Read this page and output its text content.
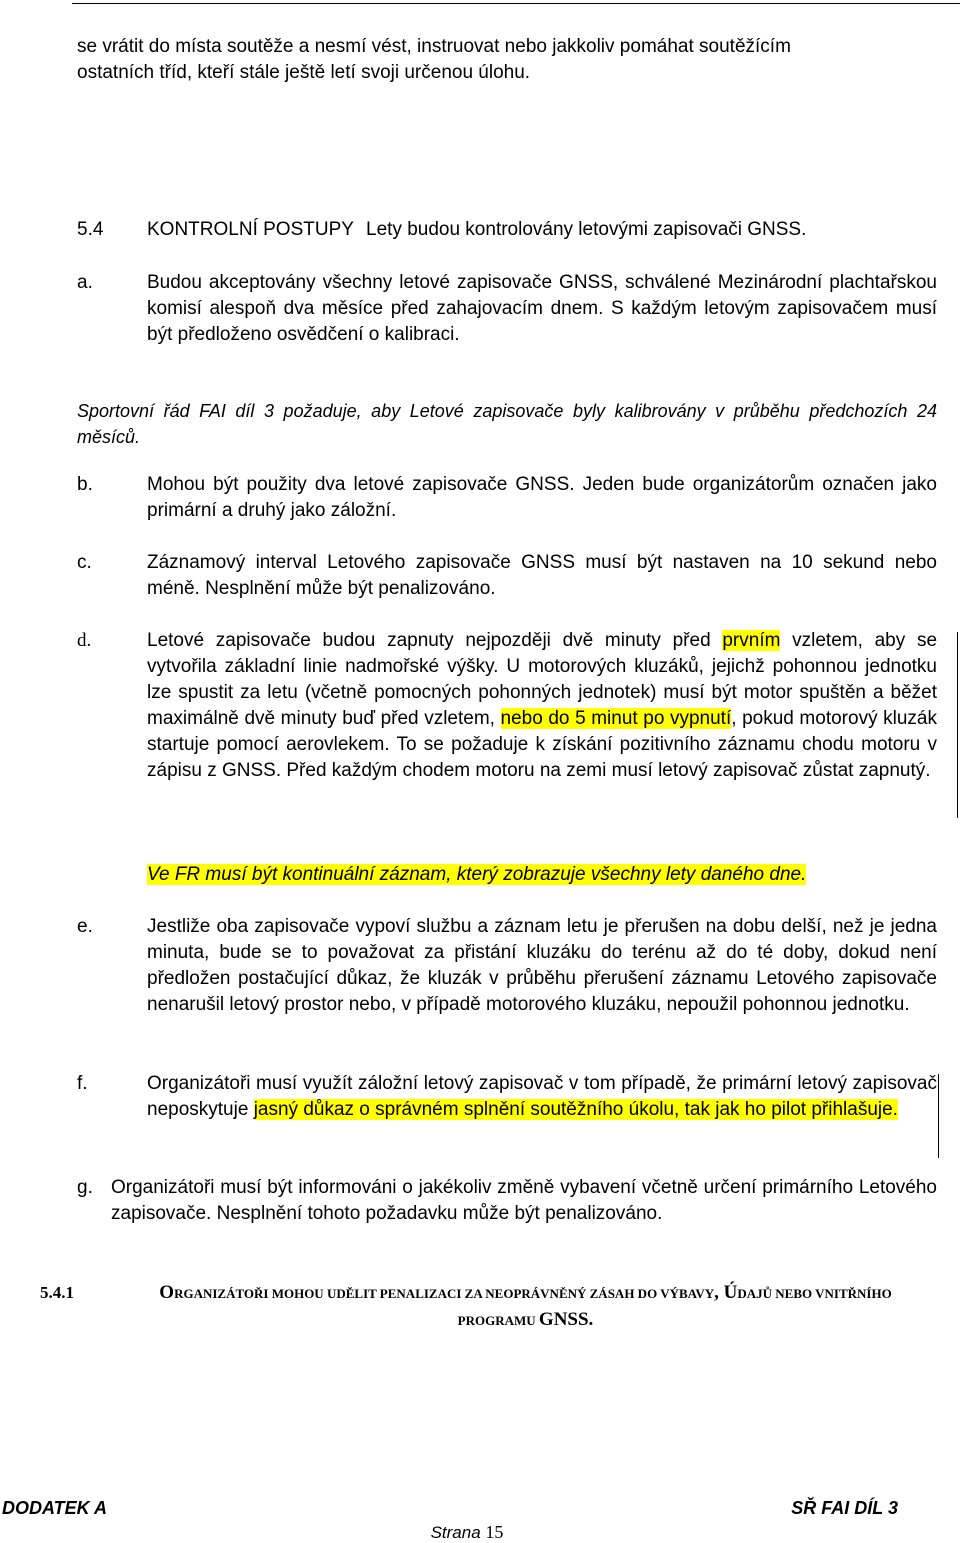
se vrátit do místa soutěže a nesmí vést, instruovat nebo jakkoliv pomáhat soutěžícím
ostatních tříd, kteří stále ještě letí svoji určenou úlohu.
5.4 KONTROLNÍ POSTUPY Lety budou kontrolovány letovými zapisovači GNSS.
a.	Budou akceptovány všechny letové zapisovače GNSS, schválené Mezinárodní plachtařskou komisí alespoň dva měsíce před zahajovacím dnem. S každým letovým zapisovačem musí být předloženo osvědčení o kalibraci.
Sportovní řád FAI díl 3 požaduje, aby Letové zapisovače byly kalibrovány v průběhu předchozích 24 měsíců.
b.	Mohou být použity dva letové zapisovače GNSS. Jeden bude organizátorům označen jako primární a druhý jako záložní.
c.	Záznamový interval Letového zapisovače GNSS musí být nastaven na 10 sekund nebo méně. Nesplnění může být penalizováno.
d.	Letové zapisovače budou zapnuty nejpozději dvě minuty před prvním vzletem, aby se vytvořila základní linie nadmořské výšky. U motorových kluzáků, jejichž pohonnou jednotku lze spustit za letu (včetně pomocných pohonných jednotek) musí být motor spuštěn a běžet maximálně dvě minuty buď před vzletem, nebo do 5 minut po vypnutí, pokud motorový kluzák startuje pomocí aerovlekem. To se požaduje k získání pozitivního záznamu chodu motoru v zápisu z GNSS. Před každým chodem motoru na zemi musí letový zapisovač zůstat zapnutý.
Ve FR musí být kontinuální záznam, který zobrazuje všechny lety daného dne.
e.	Jestliže oba zapisovače vypoví službu a záznam letu je přerušen na dobu delší, než je jedna minuta, bude se to považovat za přistání kluzáku do terénu až do té doby, dokud není předložen postačující důkaz, že kluzák v průběhu přerušení záznamu Letového zapisovače nenarušil letový prostor nebo, v případě motorového kluzáku, nepoužil pohonnou jednotku.
f.	Organizátoři musí využít záložní letový zapisovač v tom případě, že primární letový zapisovač neposkytuje jasný důkaz o správném splnění soutěžního úkolu, tak jak ho pilot přihlašuje.
g. Organizátoři musí být informováni o jakékoliv změně vybavení včetně určení primárního Letového zapisovače. Nesplnění tohoto požadavku může být penalizováno.
5.4.1	ORGANIZÁTOŘI MOHOU UDĚLIT PENALIZACI ZA NEOPRÁVNĚNÝ ZÁSAH DO VÝBAVY, ÚDAJŮ NEBO VNITŘNÍHO
PROGRAMU GNSS.
DODATEK A	SŘ FAI DÍL 3
Strana 15
